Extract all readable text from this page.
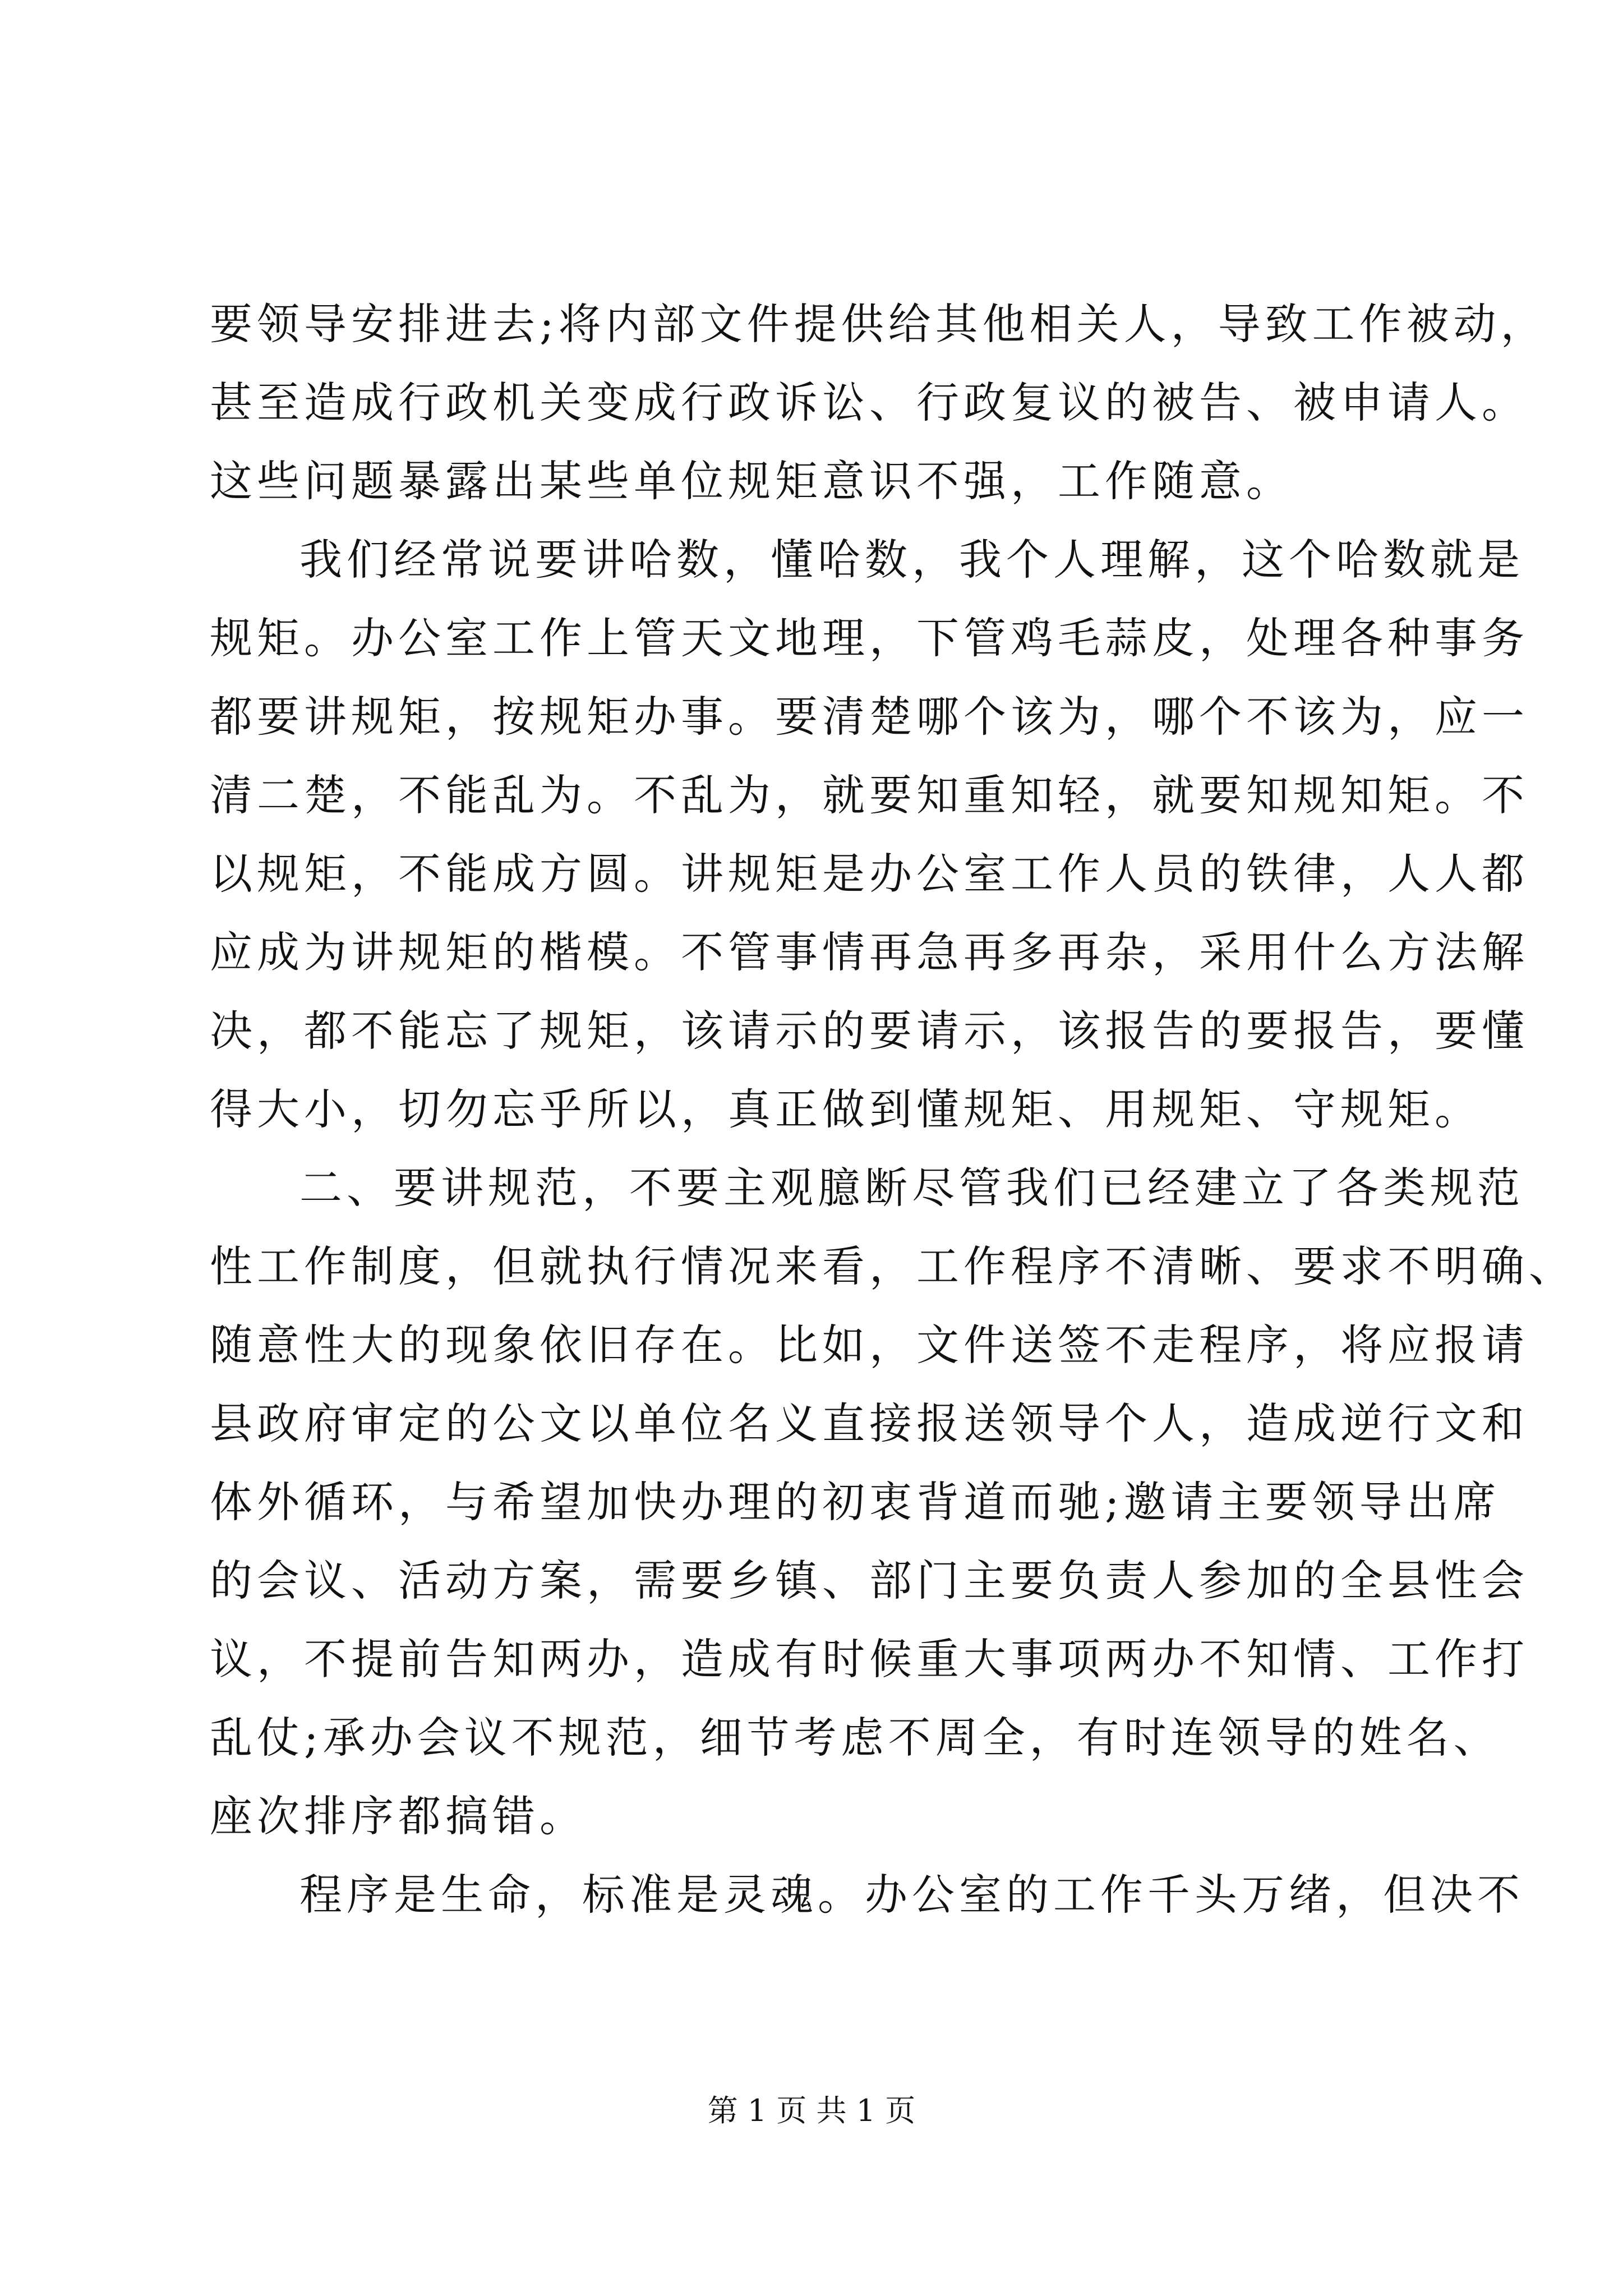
要领导安排进去;将内部文件提供给其他相关人，导致工作被动，
甚至造成行政机关变成行政诉讼、行政复议的被告、被申请人。
这些问题暴露出某些单位规矩意识不强，工作随意。
我们经常说要讲哈数，懂哈数，我个人理解，这个哈数就是
规矩。办公室工作上管天文地理，下管鸡毛蒜皮，处理各种事务
都要讲规矩，按规矩办事。要清楚哪个该为，哪个不该为，应一
清二楚，不能乱为。不乱为，就要知重知轻，就要知规知矩。不
以规矩，不能成方圆。讲规矩是办公室工作人员的铁律，人人都
应成为讲规矩的楷模。不管事情再急再多再杂，采用什么方法解
决，都不能忘了规矩，该请示的要请示，该报告的要报告，要懂
得大小，切勿忘乎所以，真正做到懂规矩、用规矩、守规矩。
二、要讲规范，不要主观臆断尽管我们已经建立了各类规范
性工作制度，但就执行情况来看，工作程序不清晰、要求不明确、
随意性大的现象依旧存在。比如，文件送签不走程序，将应报请
县政府审定的公文以单位名义直接报送领导个人，造成逆行文和
体外循环，与希望加快办理的初衷背道而驰;邀请主要领导出席
的会议、活动方案，需要乡镇、部门主要负责人参加的全县性会
议，不提前告知两办，造成有时候重大事项两办不知情、工作打
乱仗;承办会议不规范，细节考虑不周全，有时连领导的姓名、
座次排序都搞错。
程序是生命，标准是灵魂。办公室的工作千头万绪，但决不
第 1 页 共 1 页
